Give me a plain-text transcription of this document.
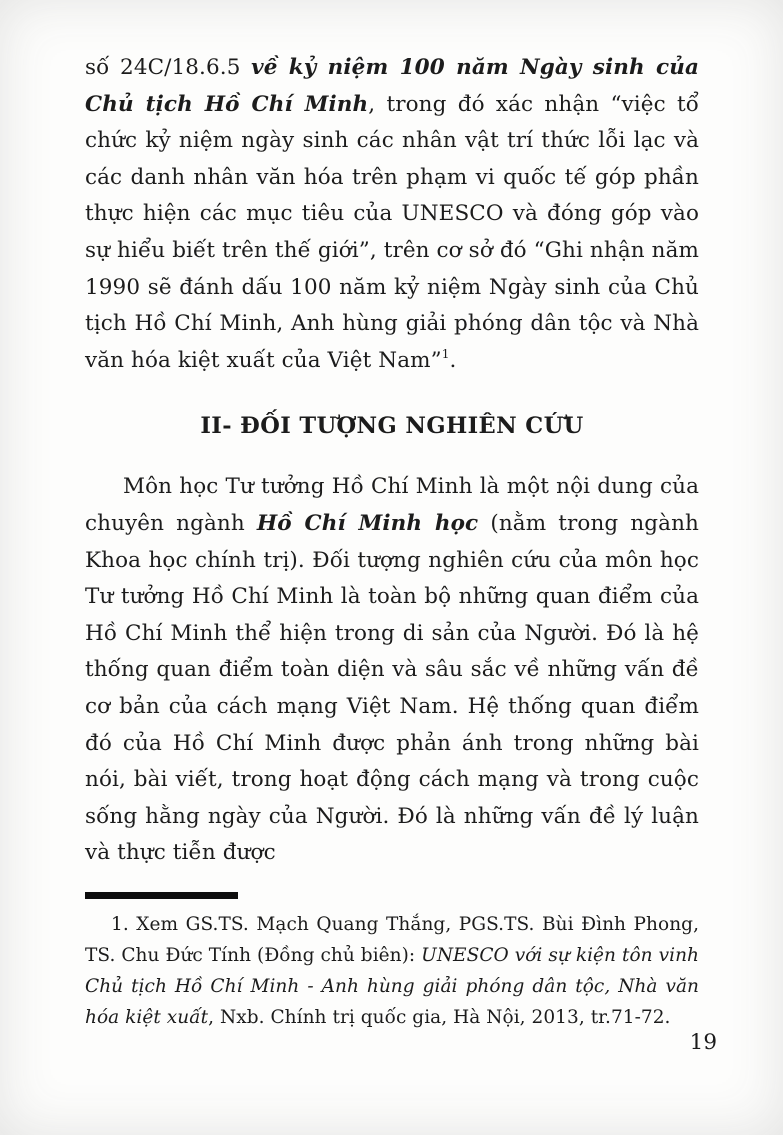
số 24C/18.6.5 về kỷ niệm 100 năm Ngày sinh của Chủ tịch Hồ Chí Minh, trong đó xác nhận “việc tổ chức kỷ niệm ngày sinh các nhân vật trí thức lỗi lạc và các danh nhân văn hóa trên phạm vi quốc tế góp phần thực hiện các mục tiêu của UNESCO và đóng góp vào sự hiểu biết trên thế giới”, trên cơ sở đó “Ghi nhận năm 1990 sẽ đánh dấu 100 năm kỷ niệm Ngày sinh của Chủ tịch Hồ Chí Minh, Anh hùng giải phóng dân tộc và Nhà văn hóa kiệt xuất của Việt Nam”$^1$.

II- ĐỐI TƯỢNG NGHIÊN CỨU

Môn học Tư tưởng Hồ Chí Minh là một nội dung của chuyên ngành Hồ Chí Minh học (nằm trong ngành Khoa học chính trị). Đối tượng nghiên cứu của môn học Tư tưởng Hồ Chí Minh là toàn bộ những quan điểm của Hồ Chí Minh thể hiện trong di sản của Người. Đó là hệ thống quan điểm toàn diện và sâu sắc về những vấn đề cơ bản của cách mạng Việt Nam. Hệ thống quan điểm đó của Hồ Chí Minh được phản ánh trong những bài nói, bài viết, trong hoạt động cách mạng và trong cuộc sống hằng ngày của Người. Đó là những vấn đề lý luận và thực tiễn được

1. Xem GS.TS. Mạch Quang Thắng, PGS.TS. Bùi Đình Phong, TS. Chu Đức Tính (Đồng chủ biên): UNESCO với sự kiện tôn vinh Chủ tịch Hồ Chí Minh - Anh hùng giải phóng dân tộc, Nhà văn hóa kiệt xuất, Nxb. Chính trị quốc gia, Hà Nội, 2013, tr.71-72.

19
